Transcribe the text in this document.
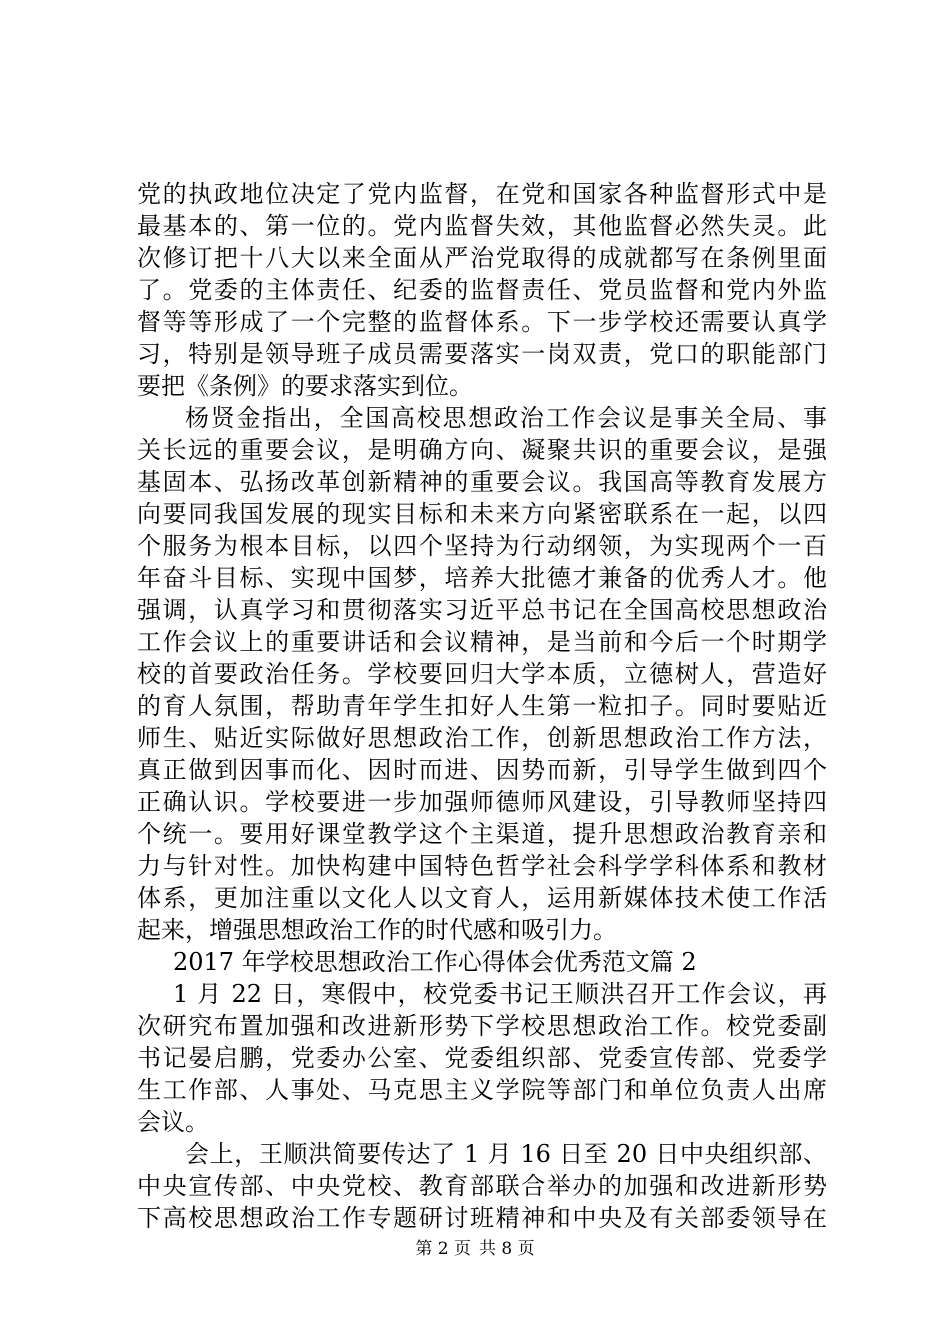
党的执政地位决定了党内监督，在党和国家各种监督形式中是
最基本的、第一位的。党内监督失效，其他监督必然失灵。此
次修订把十八大以来全面从严治党取得的成就都写在条例里面
了。党委的主体责任、纪委的监督责任、党员监督和党内外监
督等等形成了一个完整的监督体系。下一步学校还需要认真学
习，特别是领导班子成员需要落实一岗双责，党口的职能部门
要把《条例》的要求落实到位。
杨贤金指出，全国高校思想政治工作会议是事关全局、事
关长远的重要会议，是明确方向、凝聚共识的重要会议，是强
基固本、弘扬改革创新精神的重要会议。我国高等教育发展方
向要同我国发展的现实目标和未来方向紧密联系在一起，以四
个服务为根本目标，以四个坚持为行动纲领，为实现两个一百
年奋斗目标、实现中国梦，培养大批德才兼备的优秀人才。他
强调，认真学习和贯彻落实习近平总书记在全国高校思想政治
工作会议上的重要讲话和会议精神，是当前和今后一个时期学
校的首要政治任务。学校要回归大学本质，立德树人，营造好
的育人氛围，帮助青年学生扣好人生第一粒扣子。同时要贴近
师生、贴近实际做好思想政治工作，创新思想政治工作方法，
真正做到因事而化、因时而进、因势而新，引导学生做到四个
正确认识。学校要进一步加强师德师风建设，引导教师坚持四
个统一。要用好课堂教学这个主渠道，提升思想政治教育亲和
力与针对性。加快构建中国特色哲学社会科学学科体系和教材
体系，更加注重以文化人以文育人，运用新媒体技术使工作活
起来，增强思想政治工作的时代感和吸引力。
2017 年学校思想政治工作心得体会优秀范文篇 2
1 月 22 日，寒假中，校党委书记王顺洪召开工作会议，再
次研究布置加强和改进新形势下学校思想政治工作。校党委副
书记晏启鹏，党委办公室、党委组织部、党委宣传部、党委学
生工作部、人事处、马克思主义学院等部门和单位负责人出席
会议。
会上，王顺洪简要传达了 1 月 16 日至 20 日中央组织部、
中央宣传部、中央党校、教育部联合举办的加强和改进新形势
下高校思想政治工作专题研讨班精神和中央及有关部委领导在
第 2 页 共 8 页
